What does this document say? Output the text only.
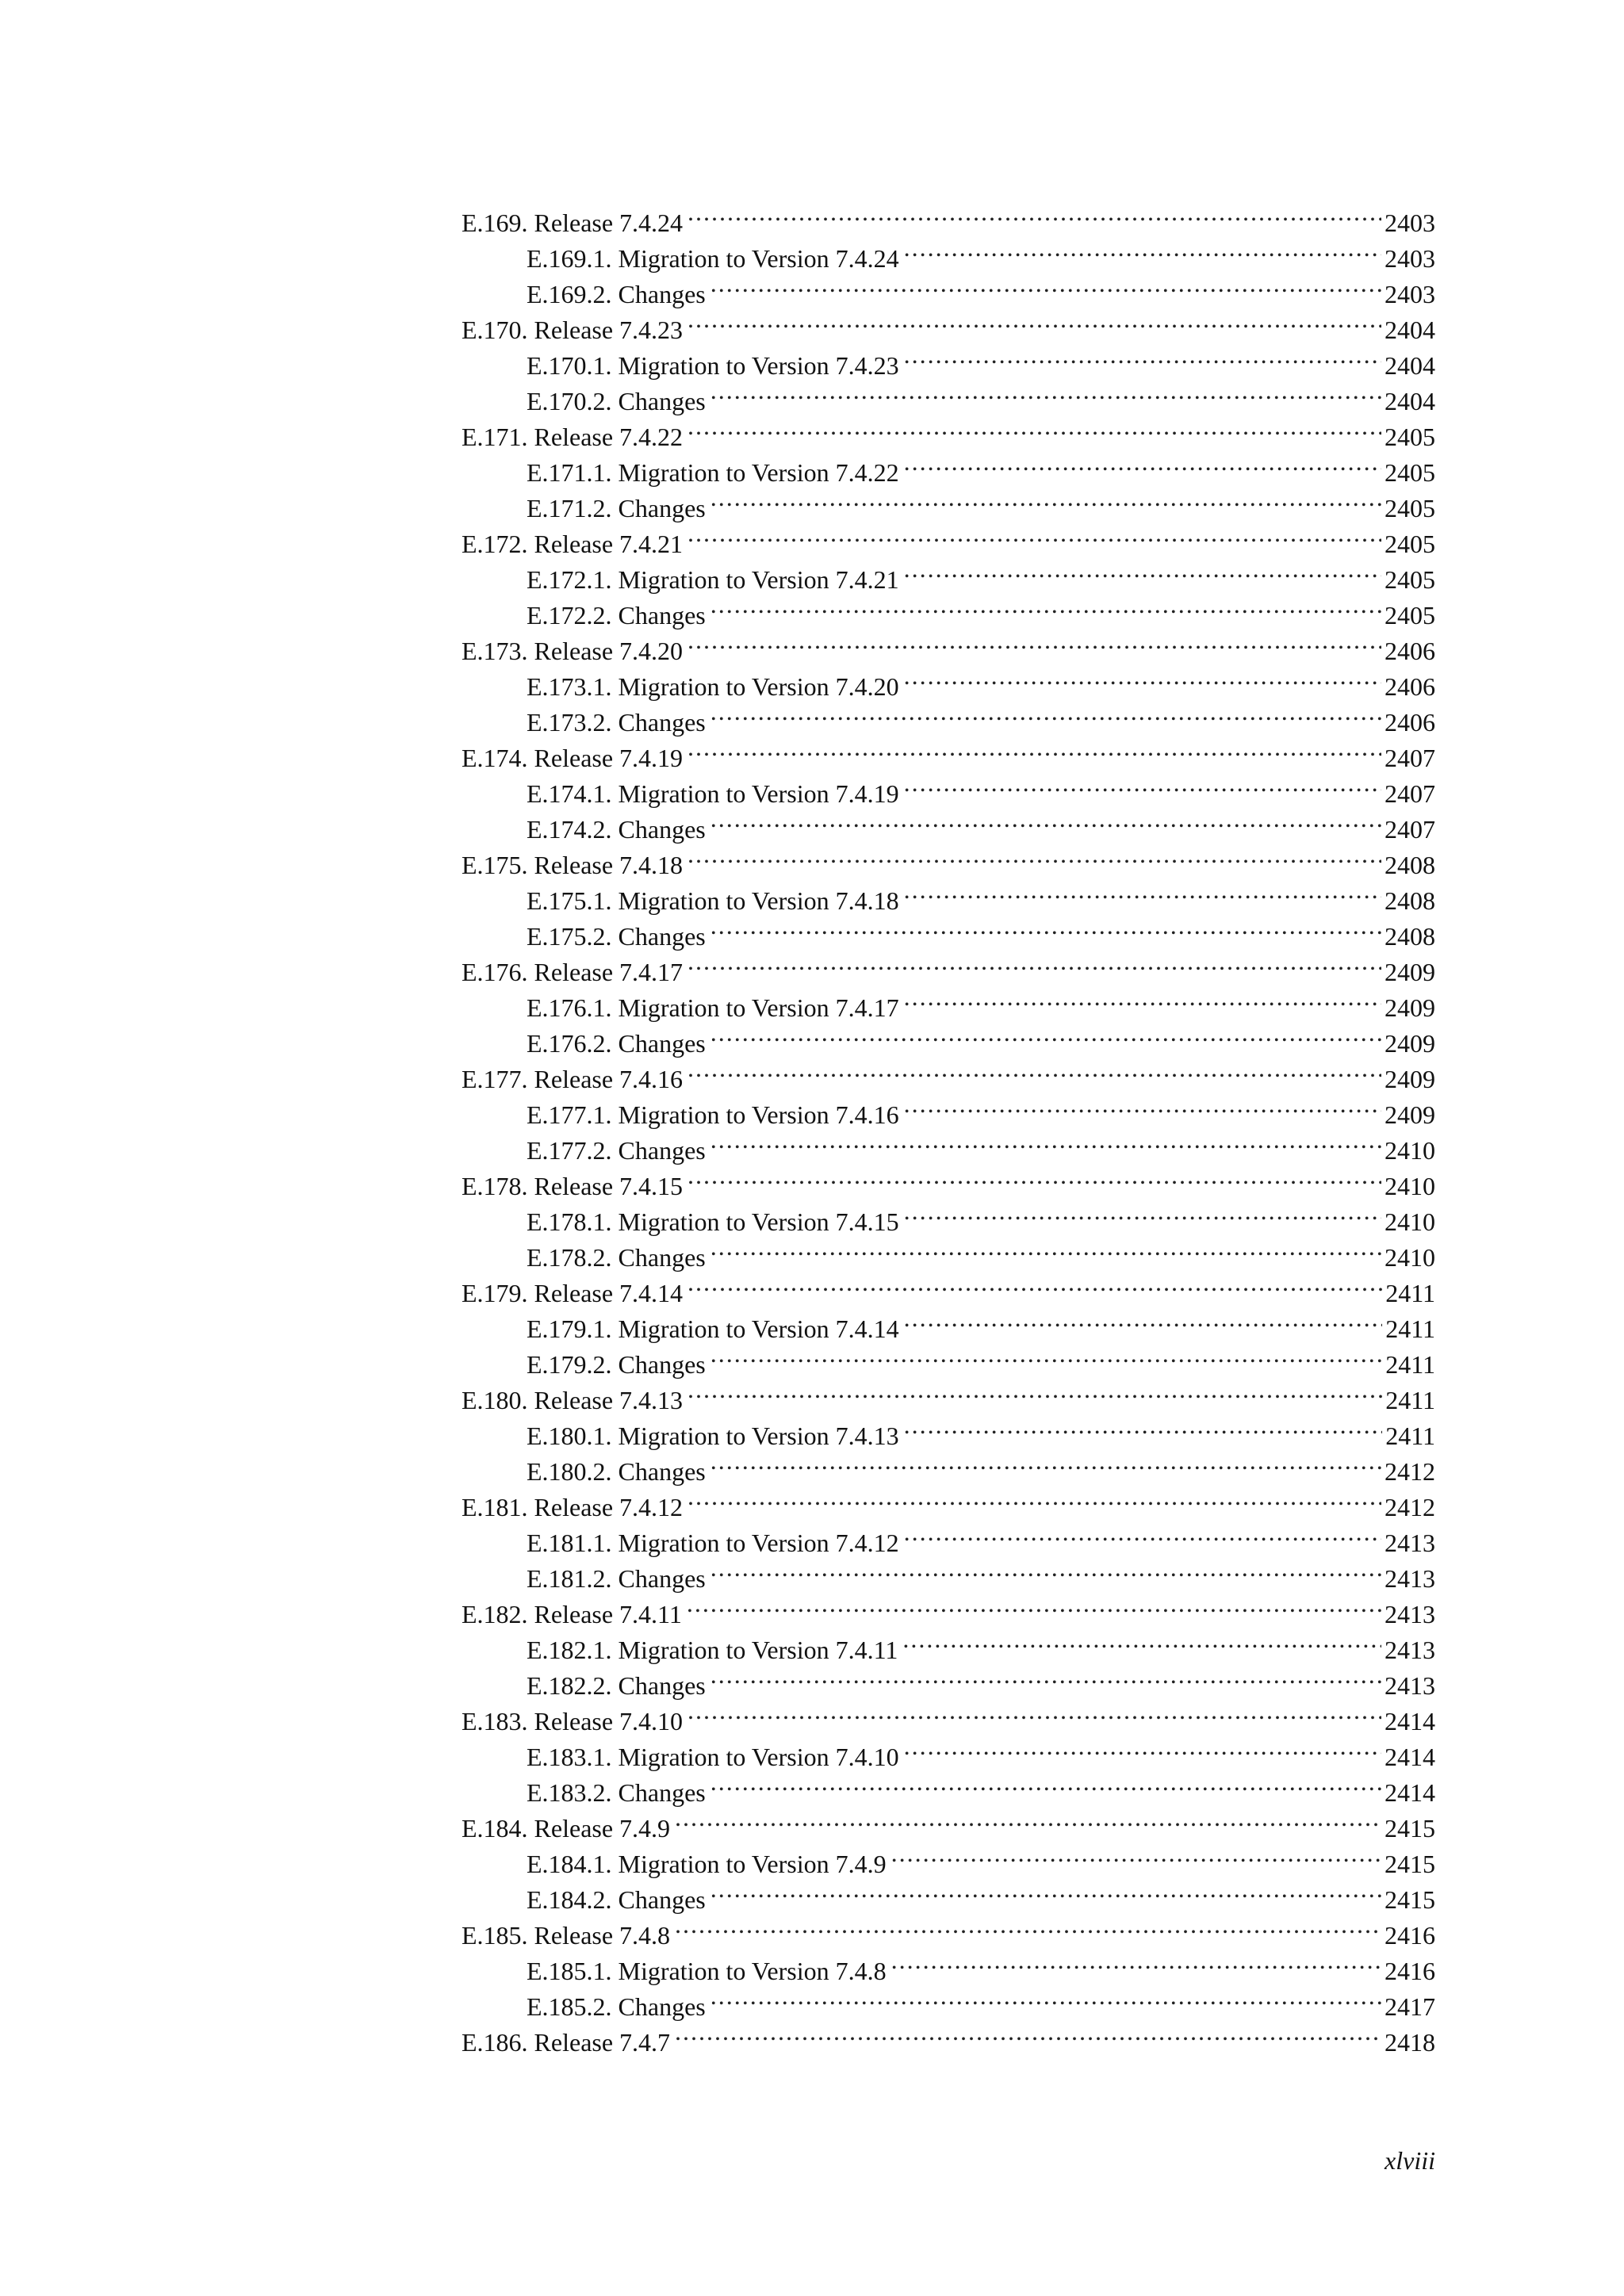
E.169. Release 7.4.24 .....	2403
E.169.1. Migration to Version 7.4.24 .....	2403
E.169.2. Changes .....	2403
E.170. Release 7.4.23 .....	2404
E.170.1. Migration to Version 7.4.23 .....	2404
E.170.2. Changes .....	2404
E.171. Release 7.4.22 .....	2405
E.171.1. Migration to Version 7.4.22 .....	2405
E.171.2. Changes .....	2405
E.172. Release 7.4.21 .....	2405
E.172.1. Migration to Version 7.4.21 .....	2405
E.172.2. Changes .....	2405
E.173. Release 7.4.20 .....	2406
E.173.1. Migration to Version 7.4.20 .....	2406
E.173.2. Changes .....	2406
E.174. Release 7.4.19 .....	2407
E.174.1. Migration to Version 7.4.19 .....	2407
E.174.2. Changes .....	2407
E.175. Release 7.4.18 .....	2408
E.175.1. Migration to Version 7.4.18 .....	2408
E.175.2. Changes .....	2408
E.176. Release 7.4.17 .....	2409
E.176.1. Migration to Version 7.4.17 .....	2409
E.176.2. Changes .....	2409
E.177. Release 7.4.16 .....	2409
E.177.1. Migration to Version 7.4.16 .....	2409
E.177.2. Changes .....	2410
E.178. Release 7.4.15 .....	2410
E.178.1. Migration to Version 7.4.15 .....	2410
E.178.2. Changes .....	2410
E.179. Release 7.4.14 .....	2411
E.179.1. Migration to Version 7.4.14 .....	2411
E.179.2. Changes .....	2411
E.180. Release 7.4.13 .....	2411
E.180.1. Migration to Version 7.4.13 .....	2411
E.180.2. Changes .....	2412
E.181. Release 7.4.12 .....	2412
E.181.1. Migration to Version 7.4.12 .....	2413
E.181.2. Changes .....	2413
E.182. Release 7.4.11 .....	2413
E.182.1. Migration to Version 7.4.11 .....	2413
E.182.2. Changes .....	2413
E.183. Release 7.4.10 .....	2414
E.183.1. Migration to Version 7.4.10 .....	2414
E.183.2. Changes .....	2414
E.184. Release 7.4.9 .....	2415
E.184.1. Migration to Version 7.4.9 .....	2415
E.184.2. Changes .....	2415
E.185. Release 7.4.8 .....	2416
E.185.1. Migration to Version 7.4.8 .....	2416
E.185.2. Changes .....	2417
E.186. Release 7.4.7 .....	2418
xlviii
